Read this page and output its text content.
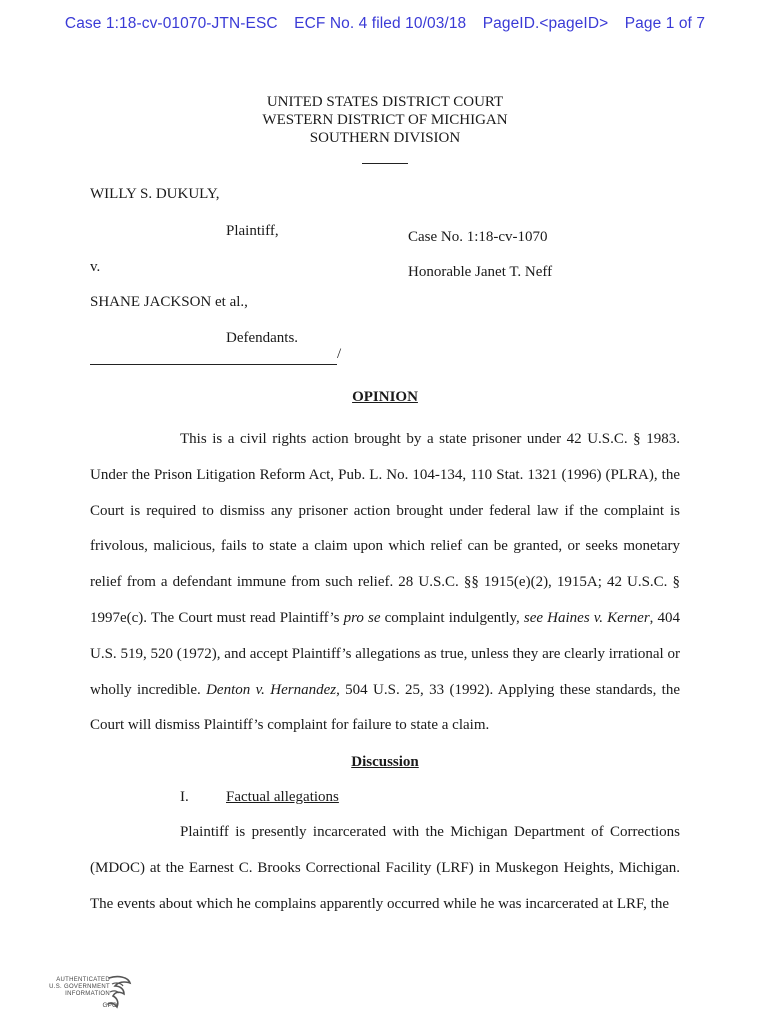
Case 1:18-cv-01070-JTN-ESC ECF No. 4 filed 10/03/18 PageID.<pageID> Page 1 of 7
UNITED STATES DISTRICT COURT
WESTERN DISTRICT OF MICHIGAN
SOUTHERN DIVISION
WILLY S. DUKULY,
Plaintiff,	Case No. 1:18-cv-1070
v.	Honorable Janet T. Neff
SHANE JACKSON et al.,
Defendants.
/
OPINION
This is a civil rights action brought by a state prisoner under 42 U.S.C. § 1983. Under the Prison Litigation Reform Act, Pub. L. No. 104-134, 110 Stat. 1321 (1996) (PLRA), the Court is required to dismiss any prisoner action brought under federal law if the complaint is frivolous, malicious, fails to state a claim upon which relief can be granted, or seeks monetary relief from a defendant immune from such relief. 28 U.S.C. §§ 1915(e)(2), 1915A; 42 U.S.C. § 1997e(c). The Court must read Plaintiff’s pro se complaint indulgently, see Haines v. Kerner, 404 U.S. 519, 520 (1972), and accept Plaintiff’s allegations as true, unless they are clearly irrational or wholly incredible. Denton v. Hernandez, 504 U.S. 25, 33 (1992). Applying these standards, the Court will dismiss Plaintiff’s complaint for failure to state a claim.
Discussion
I. Factual allegations
Plaintiff is presently incarcerated with the Michigan Department of Corrections (MDOC) at the Earnest C. Brooks Correctional Facility (LRF) in Muskegon Heights, Michigan. The events about which he complains apparently occurred while he was incarcerated at LRF, the
AUTHENTICATED
U.S. GOVERNMENT
INFORMATION
GPO
